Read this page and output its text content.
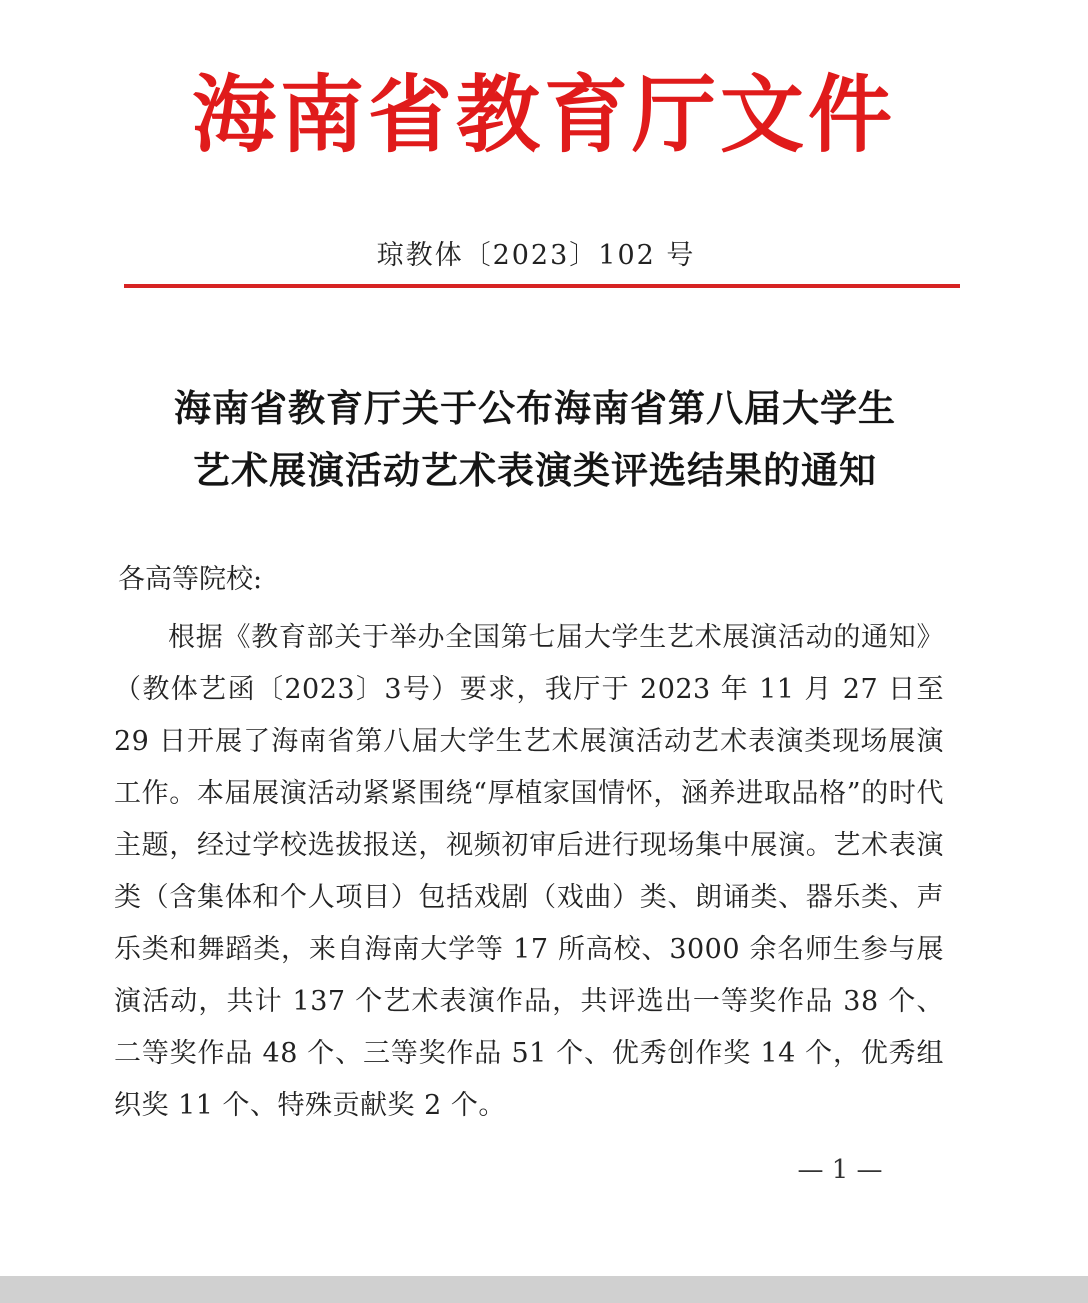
海南省教育厅文件
琼教体〔2023〕102 号
海南省教育厅关于公布海南省第八届大学生
艺术展演活动艺术表演类评选结果的通知
各高等院校:
根据《教育部关于举办全国第七届大学生艺术展演活动的通知》（教体艺函〔2023〕3号）要求，我厅于 2023 年 11 月 27 日至 29 日开展了海南省第八届大学生艺术展演活动艺术表演类现场展演工作。本届展演活动紧紧围绕“厚植家国情怀，涵养进取品格”的时代主题，经过学校选拔报送，视频初审后进行现场集中展演。艺术表演类（含集体和个人项目）包括戏剧（戏曲）类、朗诵类、器乐类、声乐类和舞蹈类，来自海南大学等 17 所高校、3000 余名师生参与展演活动，共计 137 个艺术表演作品，共评选出一等奖作品 38 个、二等奖作品 48 个、三等奖作品 51 个、优秀创作奖 14 个，优秀组织奖 11 个、特殊贡献奖 2 个。
— 1 —
